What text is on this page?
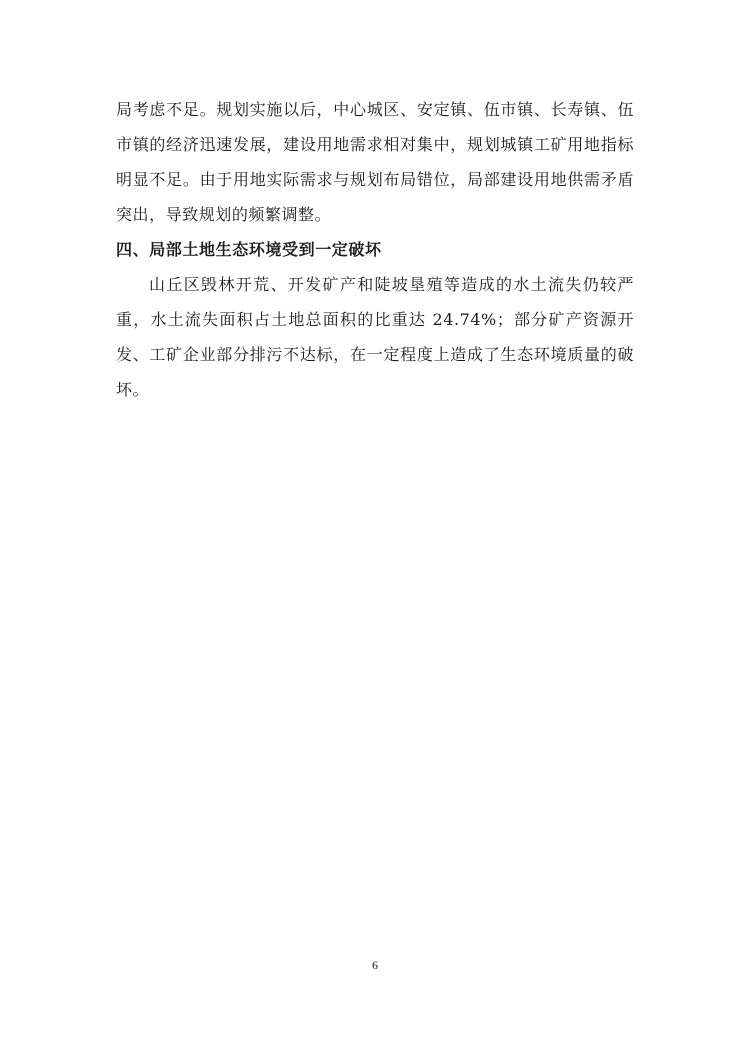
局考虑不足。规划实施以后，中心城区、安定镇、伍市镇、长寿镇、伍市镇的经济迅速发展，建设用地需求相对集中，规划城镇工矿用地指标明显不足。由于用地实际需求与规划布局错位，局部建设用地供需矛盾突出，导致规划的频繁调整。

四、局部土地生态环境受到一定破坏

山丘区毁林开荒、开发矿产和陡坡垦殖等造成的水土流失仍较严重，水土流失面积占土地总面积的比重达 24.74%；部分矿产资源开发、工矿企业部分排污不达标，在一定程度上造成了生态环境质量的破坏。

6
